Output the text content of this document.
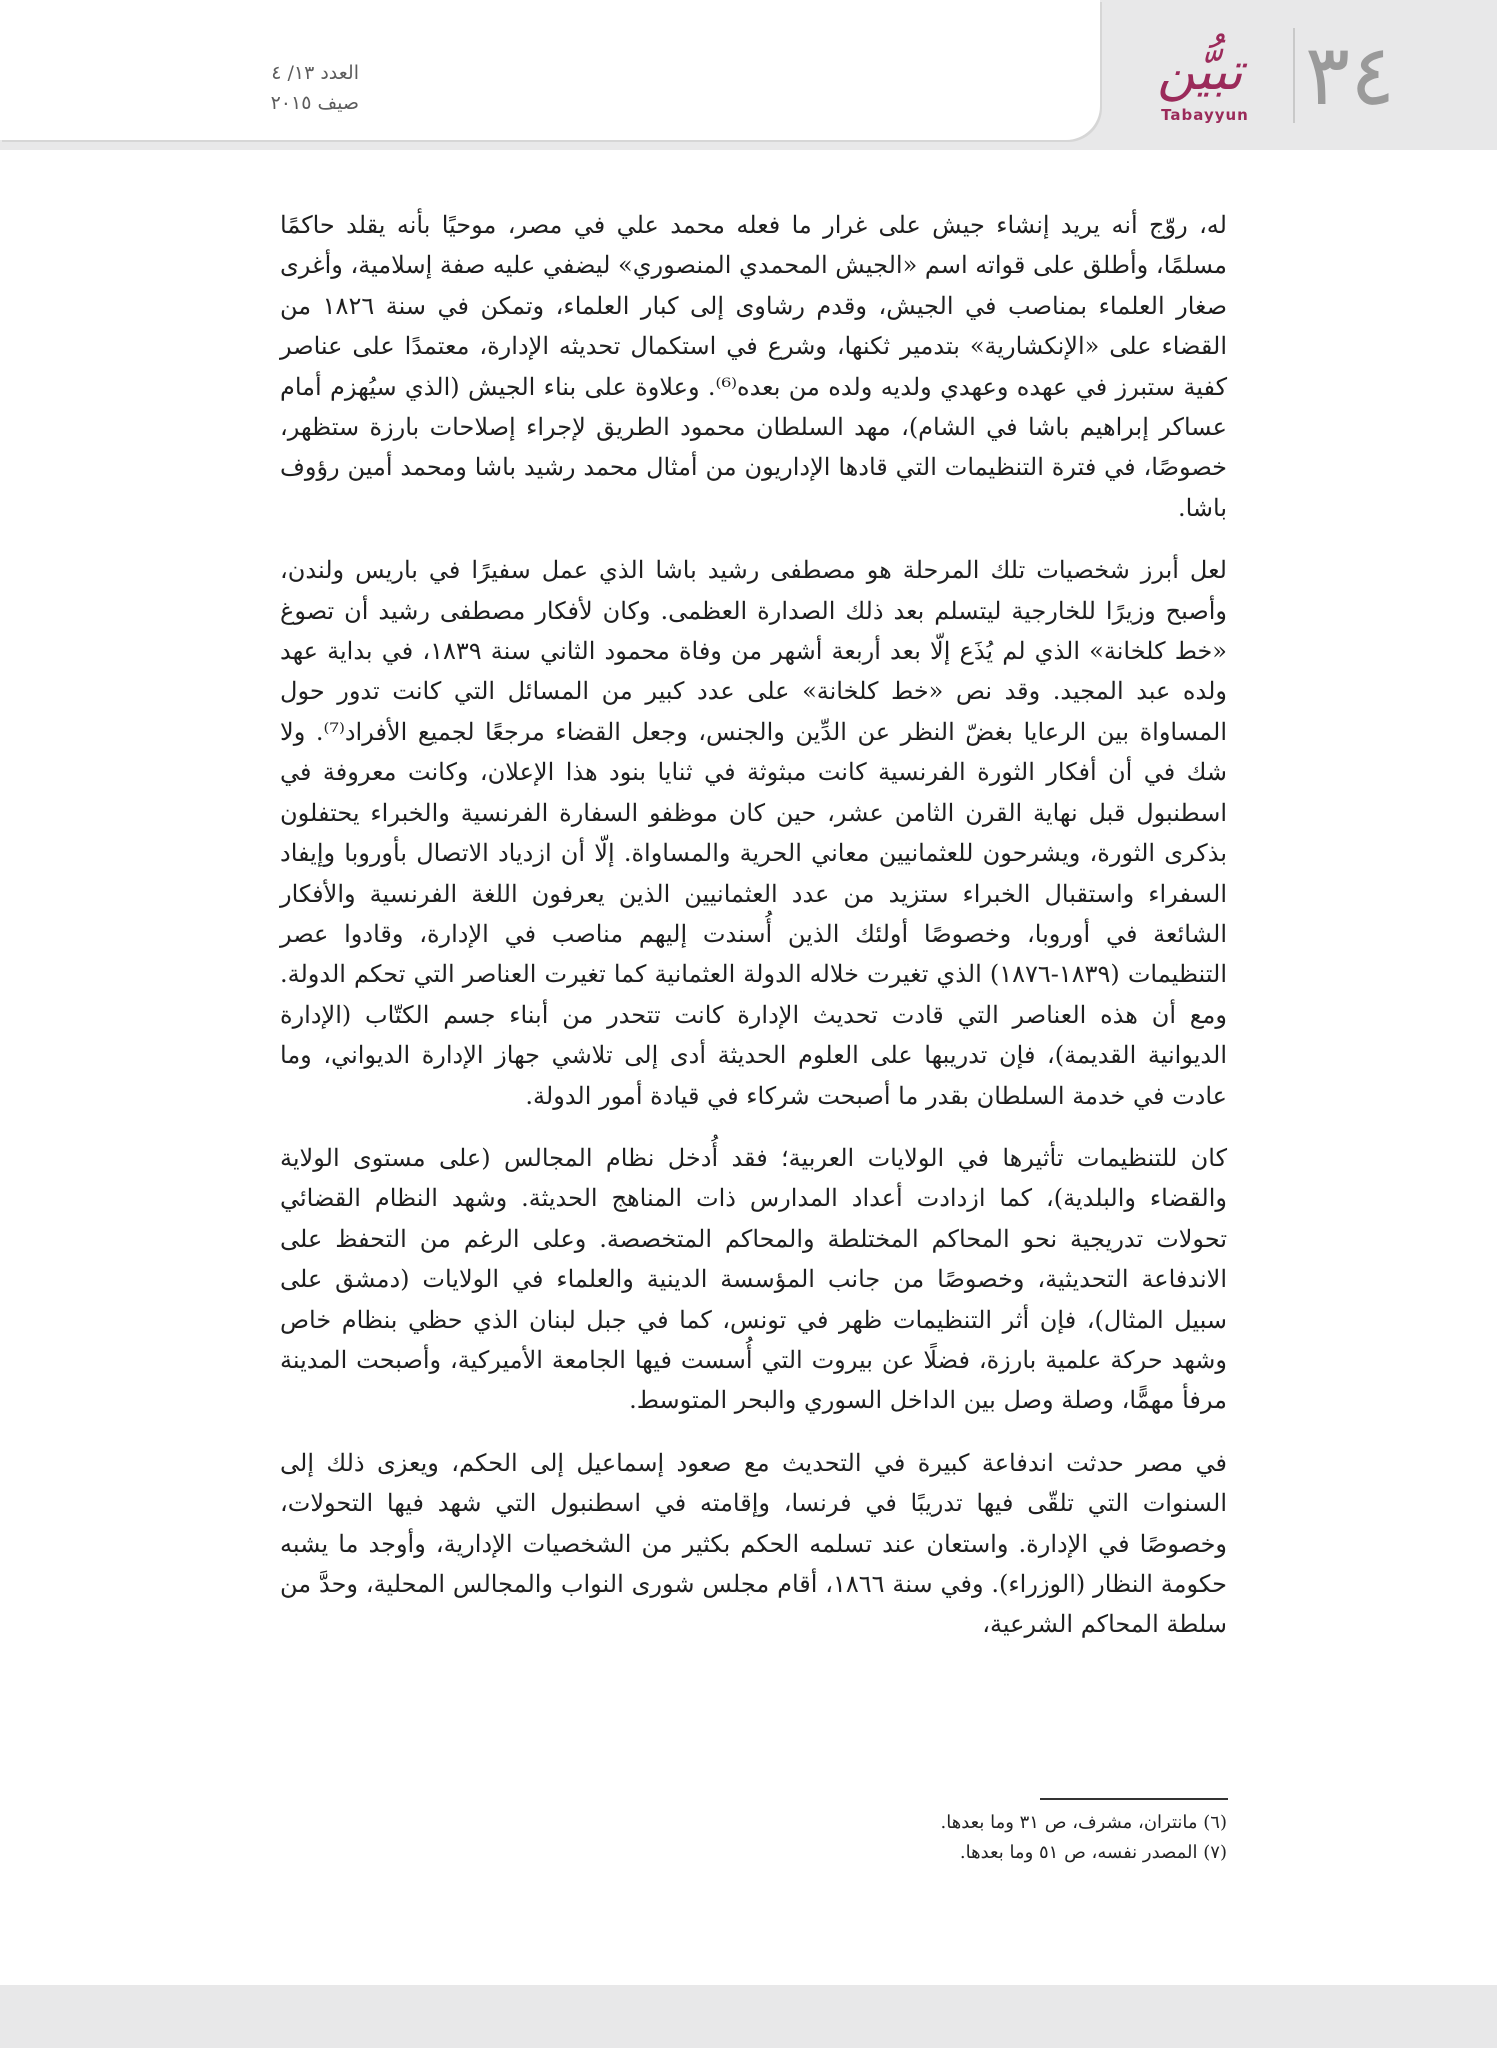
العدد ١٣/ ٤
صيف ٢٠١٥
تبيُّن
Tabayyun ٣٤

له، روّج أنه يريد إنشاء جيش على غرار ما فعله محمد علي في مصر، موحيًا بأنه يقلد حاكمًا مسلمًا، وأطلق على قواته اسم «الجيش المحمدي المنصوري» ليضفي عليه صفة إسلامية، وأغرى صغار العلماء بمناصب في الجيش، وقدم رشاوى إلى كبار العلماء، وتمكن في سنة ١٨٢٦ من القضاء على «الإنكشارية» بتدمير ثكنها، وشرع في استكمال تحديثه الإدارة، معتمدًا على عناصر كفية ستبرز في عهده وعهدي ولديه ولده من بعده⁽⁶⁾. وعلاوة على بناء الجيش (الذي سيُهزم أمام عساكر إبراهيم باشا في الشام)، مهد السلطان محمود الطريق لإجراء إصلاحات بارزة ستظهر، خصوصًا، في فترة التنظيمات التي قادها الإداريون من أمثال محمد رشيد باشا ومحمد أمين رؤوف باشا.

لعل أبرز شخصيات تلك المرحلة هو مصطفى رشيد باشا الذي عمل سفيرًا في باريس ولندن، وأصبح وزيرًا للخارجية ليتسلم بعد ذلك الصدارة العظمى. وكان لأفكار مصطفى رشيد أن تصوغ «خط كلخانة» الذي لم يُذَع إلّا بعد أربعة أشهر من وفاة محمود الثاني سنة ١٨٣٩، في بداية عهد ولده عبد المجيد. وقد نص «خط كلخانة» على عدد كبير من المسائل التي كانت تدور حول المساواة بين الرعايا بغضّ النظر عن الدِّين والجنس، وجعل القضاء مرجعًا لجميع الأفراد⁽⁷⁾. ولا شك في أن أفكار الثورة الفرنسية كانت مبثوثة في ثنايا بنود هذا الإعلان، وكانت معروفة في اسطنبول قبل نهاية القرن الثامن عشر، حين كان موظفو السفارة الفرنسية والخبراء يحتفلون بذكرى الثورة، ويشرحون للعثمانيين معاني الحرية والمساواة. إلّا أن ازدياد الاتصال بأوروبا وإيفاد السفراء واستقبال الخبراء ستزيد من عدد العثمانيين الذين يعرفون اللغة الفرنسية والأفكار الشائعة في أوروبا، وخصوصًا أولئك الذين أُسندت إليهم مناصب في الإدارة، وقادوا عصر التنظيمات (١٨٣٩-١٨٧٦) الذي تغيرت خلاله الدولة العثمانية كما تغيرت العناصر التي تحكم الدولة. ومع أن هذه العناصر التي قادت تحديث الإدارة كانت تتحدر من أبناء جسم الكتّاب (الإدارة الديوانية القديمة)، فإن تدريبها على العلوم الحديثة أدى إلى تلاشي جهاز الإدارة الديواني، وما عادت في خدمة السلطان بقدر ما أصبحت شركاء في قيادة أمور الدولة.

كان للتنظيمات تأثيرها في الولايات العربية؛ فقد أُدخل نظام المجالس (على مستوى الولاية والقضاء والبلدية)، كما ازدادت أعداد المدارس ذات المناهج الحديثة. وشهد النظام القضائي تحولات تدريجية نحو المحاكم المختلطة والمحاكم المتخصصة. وعلى الرغم من التحفظ على الاندفاعة التحديثية، وخصوصًا من جانب المؤسسة الدينية والعلماء في الولايات (دمشق على سبيل المثال)، فإن أثر التنظيمات ظهر في تونس، كما في جبل لبنان الذي حظي بنظام خاص وشهد حركة علمية بارزة، فضلًا عن بيروت التي أُسست فيها الجامعة الأميركية، وأصبحت المدينة مرفأ مهمًّا، وصلة وصل بين الداخل السوري والبحر المتوسط.

في مصر حدثت اندفاعة كبيرة في التحديث مع صعود إسماعيل إلى الحكم، ويعزى ذلك إلى السنوات التي تلقّى فيها تدريبًا في فرنسا، وإقامته في اسطنبول التي شهد فيها التحولات، وخصوصًا في الإدارة. واستعان عند تسلمه الحكم بكثير من الشخصيات الإدارية، وأوجد ما يشبه حكومة النظار (الوزراء). وفي سنة ١٨٦٦، أقام مجلس شورى النواب والمجالس المحلية، وحدَّ من سلطة المحاكم الشرعية،

(٦) مانتران، مشرف، ص ٣١ وما بعدها.
(٧) المصدر نفسه، ص ٥١ وما بعدها.
